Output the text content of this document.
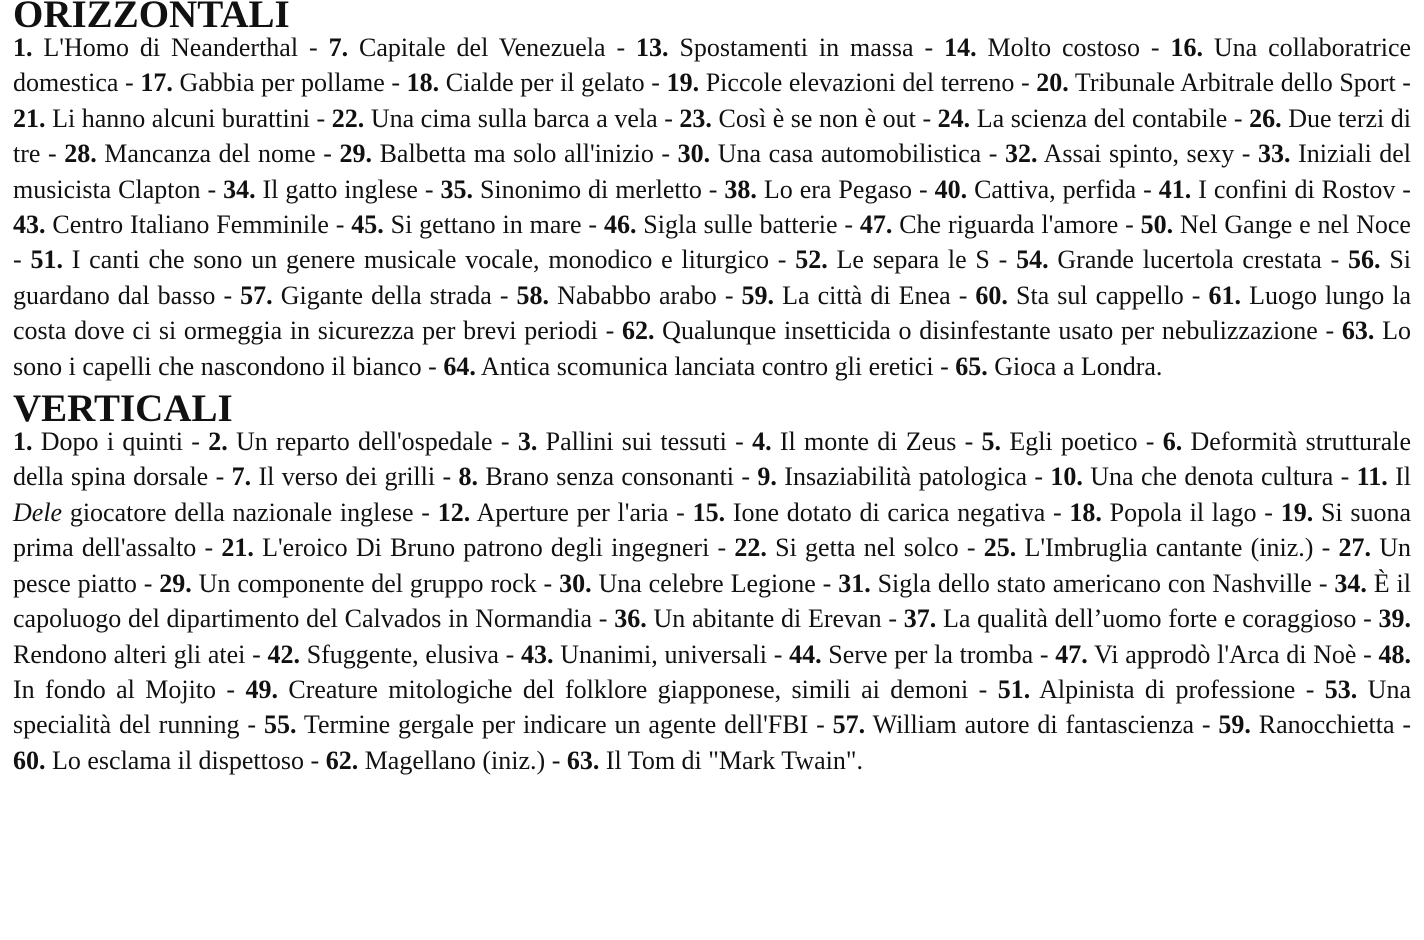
ORIZZONTALI

1. L'Homo di Neanderthal - 7. Capitale del Venezuela - 13. Spostamenti in massa - 14. Molto costoso - 16. Una collaboratrice domestica - 17. Gabbia per pollame - 18. Cialde per il gelato - 19. Piccole elevazioni del terreno - 20. Tribunale Arbitrale dello Sport - 21. Li hanno alcuni burattini - 22. Una cima sulla barca a vela - 23. Così è se non è out - 24. La scienza del contabile - 26. Due terzi di tre - 28. Mancanza del nome - 29. Balbetta ma solo all'inizio - 30. Una casa automobilistica - 32. Assai spinto, sexy - 33. Iniziali del musicista Clapton - 34. Il gatto inglese - 35. Sinonimo di merletto - 38. Lo era Pegaso - 40. Cattiva, perfida - 41. I confini di Rostov - 43. Centro Italiano Femminile - 45. Si gettano in mare - 46. Sigla sulle batterie - 47. Che riguarda l'amore - 50. Nel Gange e nel Noce - 51. I canti che sono un genere musicale vocale, monodico e liturgico - 52. Le separa le S - 54. Grande lucertola crestata - 56. Si guardano dal basso - 57. Gigante della strada - 58. Nababbo arabo - 59. La città di Enea - 60. Sta sul cappello - 61. Luogo lungo la costa dove ci si ormeggia in sicurezza per brevi periodi - 62. Qualunque insetticida o disinfestante usato per nebulizzazione - 63. Lo sono i capelli che nascondono il bianco - 64. Antica scomunica lanciata contro gli eretici - 65. Gioca a Londra.

VERTICALI

1. Dopo i quinti - 2. Un reparto dell'ospedale - 3. Pallini sui tessuti - 4. Il monte di Zeus - 5. Egli poetico - 6. Deformità strutturale della spina dorsale - 7. Il verso dei grilli - 8. Brano senza consonanti - 9. Insaziabilità patologica - 10. Una che denota cultura - 11. Il Dele giocatore della nazionale inglese - 12. Aperture per l'aria - 15. Ione dotato di carica negativa - 18. Popola il lago - 19. Si suona prima dell'assalto - 21. L'eroico Di Bruno patrono degli ingegneri - 22. Si getta nel solco - 25. L'Imbruglia cantante (iniz.) - 27. Un pesce piatto - 29. Un componente del gruppo rock - 30. Una celebre Legione - 31. Sigla dello stato americano con Nashville - 34. È il capoluogo del dipartimento del Calvados in Normandia - 36. Un abitante di Erevan - 37. La qualità dell’uomo forte e coraggioso - 39. Rendono alteri gli atei - 42. Sfuggente, elusiva - 43. Unanimi, universali - 44. Serve per la tromba - 47. Vi approdò l'Arca di Noè - 48. In fondo al Mojito - 49. Creature mitologiche del folklore giapponese, simili ai demoni - 51. Alpinista di professione - 53. Una specialità del running - 55. Termine gergale per indicare un agente dell'FBI - 57. William autore di fantascienza - 59. Ranocchietta - 60. Lo esclama il dispettoso - 62. Magellano (iniz.) - 63. Il Tom di "Mark Twain".
